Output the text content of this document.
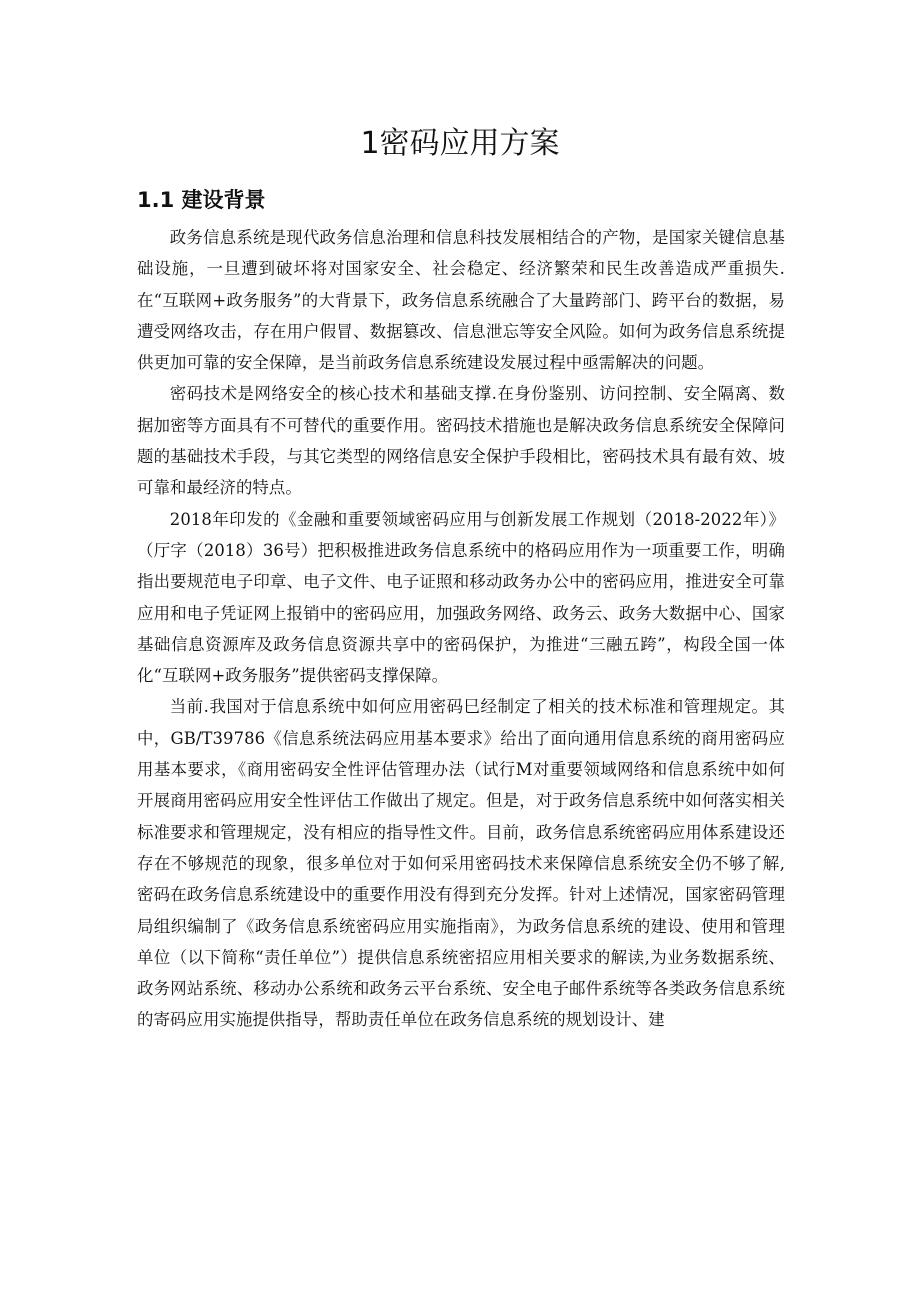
1密码应用方案
1.1 建设背景

政务信息系统是现代政务信息治理和信息科技发展相结合的产物，是国家关键信息基础设施，一旦遭到破坏将对国家安全、社会稳定、经济繁荣和民生改善造成严重损失.在“互联网+政务服务”的大背景下，政务信息系统融合了大量跨部门、跨平台的数据，易遭受网络攻击，存在用户假冒、数据篡改、信息泄忘等安全风险。如何为政务信息系统提供更加可靠的安全保障，是当前政务信息系统建设发展过程中亟需解决的问题。

密码技术是网络安全的核心技术和基础支撑.在身份鉴别、访问控制、安全隔离、数据加密等方面具有不可替代的重要作用。密码技术措施也是解决政务信息系统安全保障问题的基础技术手段，与其它类型的网络信息安全保护手段相比，密码技术具有最有效、坡可靠和最经济的特点。

2018年印发的《金融和重要领域密码应用与创新发展工作规划（2018-2022年）》（厅字（2018）36号）把积极推进政务信息系统中的格码应用作为一项重要工作，明确指出要规范电子印章、电子文件、电子证照和移动政务办公中的密码应用，推进安全可靠应用和电子凭证网上报销中的密码应用，加强政务网络、政务云、政务大数据中心、国家基础信息资源库及政务信息资源共享中的密码保护，为推进“三融五跨”，构段全国一体化“互联网+政务服务”提供密码支撑保障。

当前.我国对于信息系统中如何应用密码巳经制定了相关的技术标准和管理规定。其中，GB/T39786《信息系统法码应用基本要求》给出了面向通用信息系统的商用密码应用基本要求，《商用密码安全性评估管理办法（试行M对重要领域网络和信息系统中如何开展商用密码应用安全性评估工作做出了规定。但是，对于政务信息系统中如何落实相关标准要求和管理规定，没有相应的指导性文件。目前，政务信息系统密码应用体系建设还存在不够规范的现象，很多单位对于如何采用密码技术来保障信息系统安全仍不够了解,密码在政务信息系统建设中的重要作用没有得到充分发挥。针对上述情况，国家密码管理局组织编制了《政务信息系统密码应用实施指南》，为政务信息系统的建设、使用和管理单位（以下简称“责任单位”）提供信息系统密招应用相关要求的解读,为业务数据系统、政务网站系统、移动办公系统和政务云平台系统、安全电子邮件系统等各类政务信息系统的寄码应用实施提供指导，帮助责任单位在政务信息系统的规划设计、建
